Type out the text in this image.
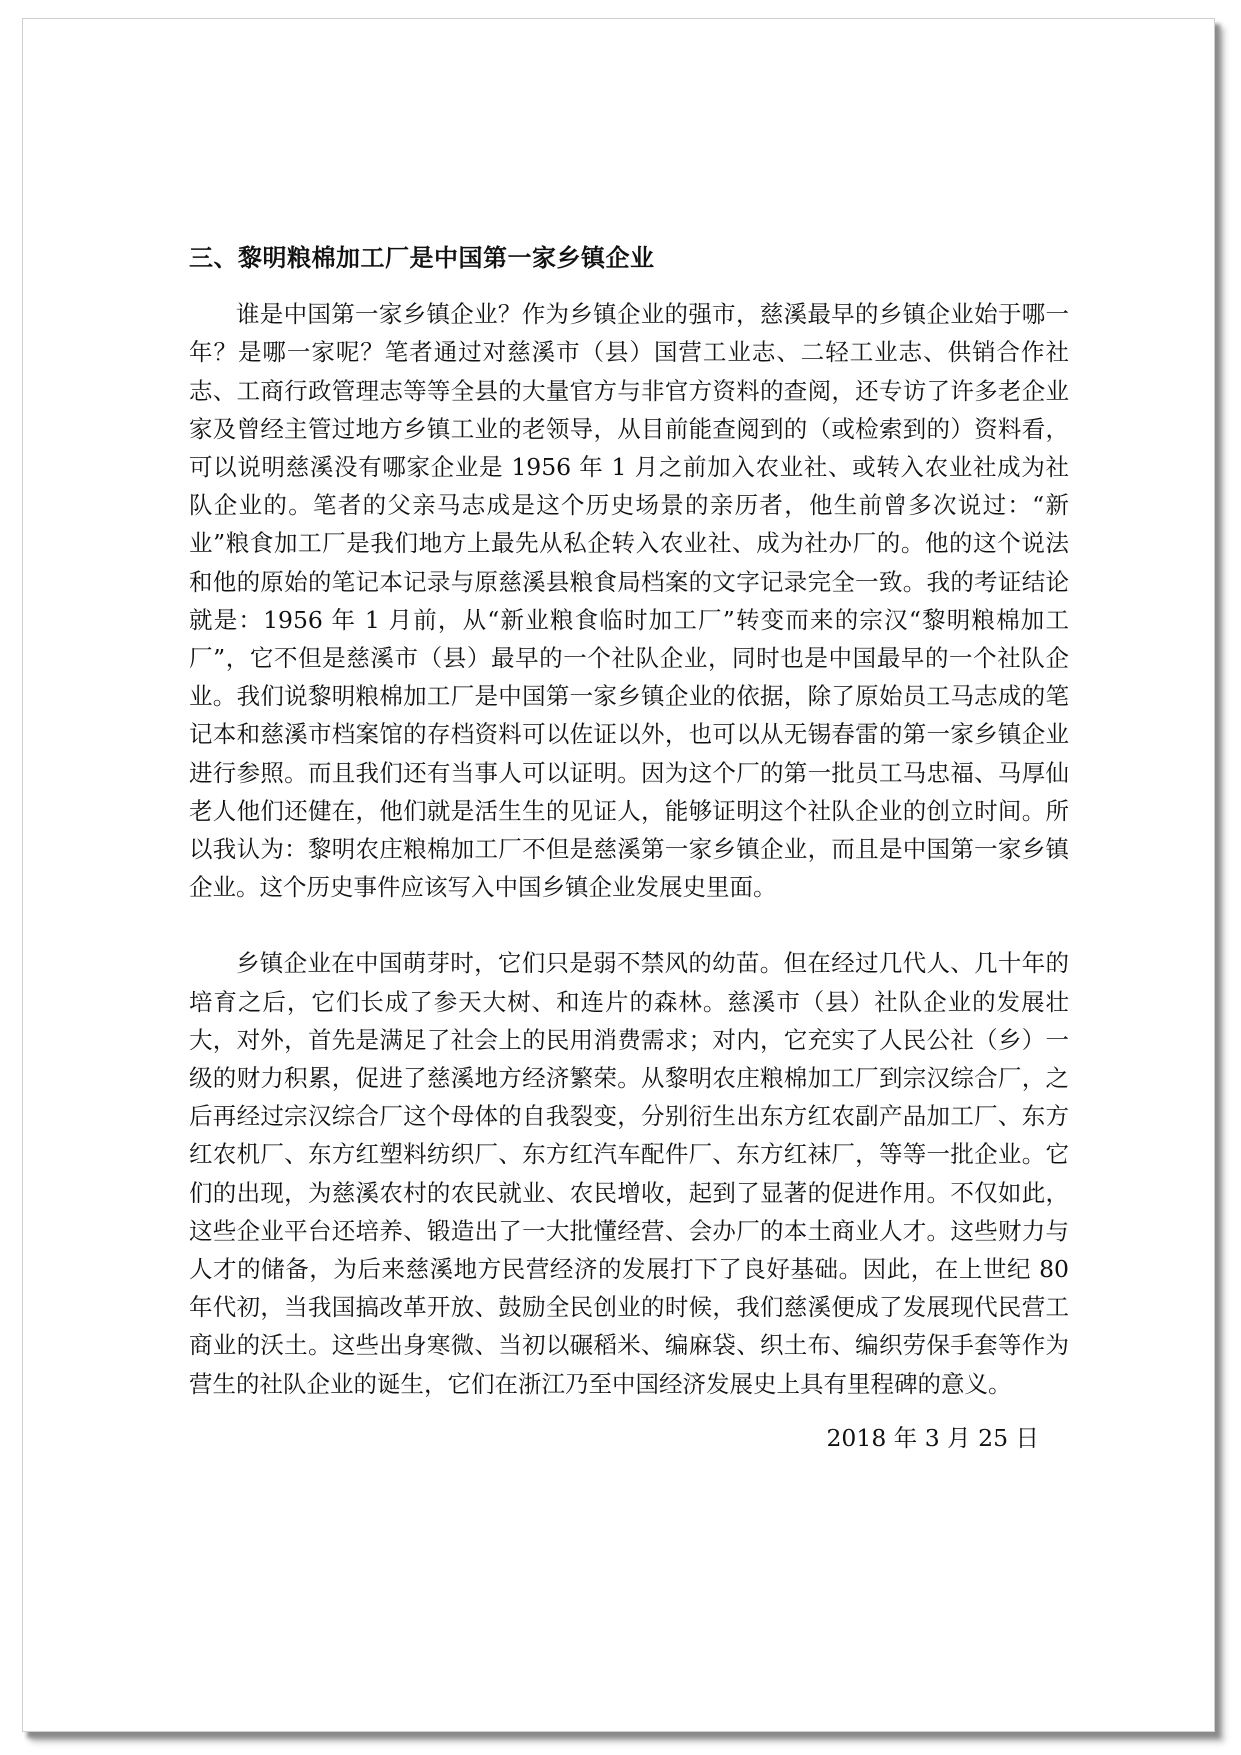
三、黎明粮棉加工厂是中国第一家乡镇企业

谁是中国第一家乡镇企业？作为乡镇企业的强市，慈溪最早的乡镇企业始于哪一年？是哪一家呢？笔者通过对慈溪市（县）国营工业志、二轻工业志、供销合作社志、工商行政管理志等等全县的大量官方与非官方资料的查阅，还专访了许多老企业家及曾经主管过地方乡镇工业的老领导，从目前能查阅到的（或检索到的）资料看，可以说明慈溪没有哪家企业是 1956 年 1 月之前加入农业社、或转入农业社成为社队企业的。笔者的父亲马志成是这个历史场景的亲历者，他生前曾多次说过：“新业”粮食加工厂是我们地方上最先从私企转入农业社、成为社办厂的。他的这个说法和他的原始的笔记本记录与原慈溪县粮食局档案的文字记录完全一致。我的考证结论就是：1956 年 1 月前，从“新业粮食临时加工厂”转变而来的宗汉“黎明粮棉加工厂”，它不但是慈溪市（县）最早的一个社队企业，同时也是中国最早的一个社队企业。我们说黎明粮棉加工厂是中国第一家乡镇企业的依据，除了原始员工马志成的笔记本和慈溪市档案馆的存档资料可以佐证以外，也可以从无锡春雷的第一家乡镇企业进行参照。而且我们还有当事人可以证明。因为这个厂的第一批员工马忠福、马厚仙老人他们还健在，他们就是活生生的见证人，能够证明这个社队企业的创立时间。所以我认为：黎明农庄粮棉加工厂不但是慈溪第一家乡镇企业，而且是中国第一家乡镇企业。这个历史事件应该写入中国乡镇企业发展史里面。

乡镇企业在中国萌芽时，它们只是弱不禁风的幼苗。但在经过几代人、几十年的培育之后，它们长成了参天大树、和连片的森林。慈溪市（县）社队企业的发展壮大，对外，首先是满足了社会上的民用消费需求；对内，它充实了人民公社（乡）一级的财力积累，促进了慈溪地方经济繁荣。从黎明农庄粮棉加工厂到宗汉综合厂，之后再经过宗汉综合厂这个母体的自我裂变，分别衍生出东方红农副产品加工厂、东方红农机厂、东方红塑料纺织厂、东方红汽车配件厂、东方红袜厂，等等一批企业。它们的出现，为慈溪农村的农民就业、农民增收，起到了显著的促进作用。不仅如此，这些企业平台还培养、锻造出了一大批懂经营、会办厂的本土商业人才。这些财力与人才的储备，为后来慈溪地方民营经济的发展打下了良好基础。因此，在上世纪 80 年代初，当我国搞改革开放、鼓励全民创业的时候，我们慈溪便成了发展现代民营工商业的沃土。这些出身寒微、当初以碾稻米、编麻袋、织土布、编织劳保手套等作为营生的社队企业的诞生，它们在浙江乃至中国经济发展史上具有里程碑的意义。

2018 年 3 月 25 日
